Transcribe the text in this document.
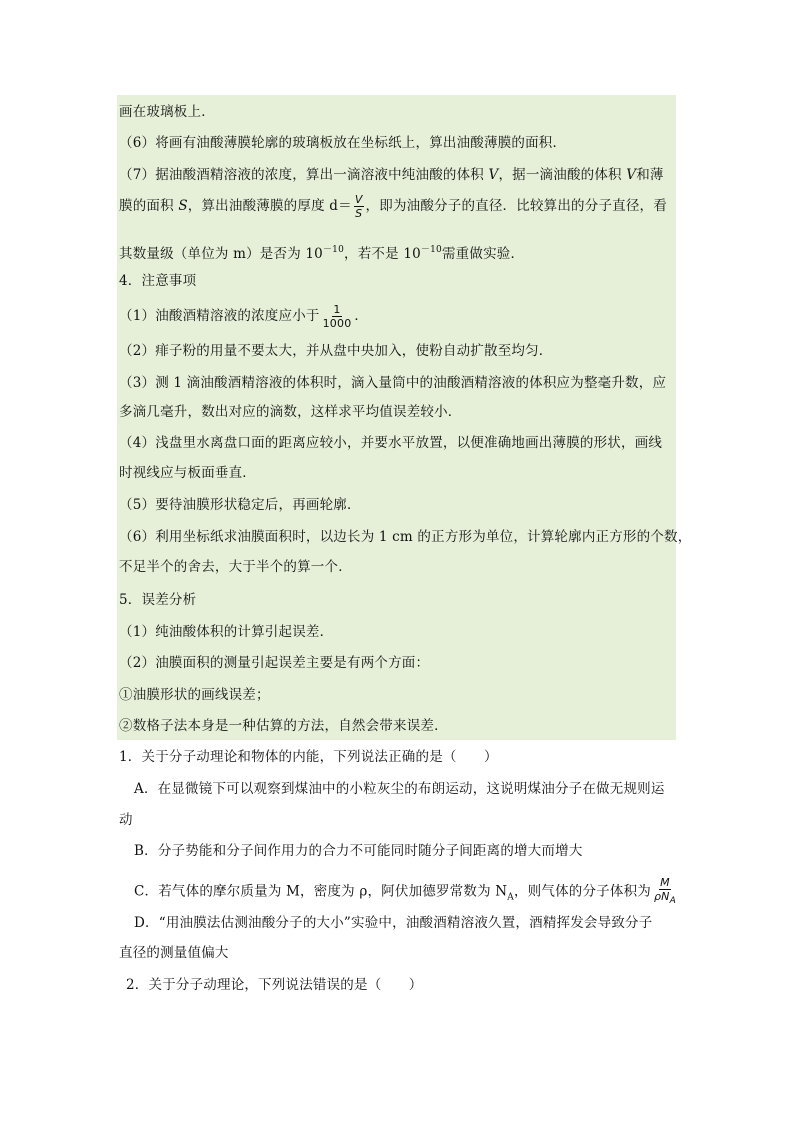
画在玻璃板上．
（6）将画有油酸薄膜轮廓的玻璃板放在坐标纸上，算出油酸薄膜的面积．
（7）据油酸酒精溶液的浓度，算出一滴溶液中纯油酸的体积 V，据一滴油酸的体积 V和薄
膜的面积 S，算出油酸薄膜的厚度 $d= \frac{V}{S}$ ，即为油酸分子的直径．比较算出的分子直径，看
其数量级（单位为 m）是否为 $10^{-10}$，若不是 $10^{-10}$需重做实验．
4．注意事项
（1）油酸酒精溶液的浓度应小于 $\frac{1}{1000}$ ．
（2）痱子粉的用量不要太大，并从盘中央加入，使粉自动扩散至均匀．
（3）测 1 滴油酸酒精溶液的体积时，滴入量筒中的油酸酒精溶液的体积应为整毫升数，应
多滴几毫升，数出对应的滴数，这样求平均值误差较小．
（4）浅盘里水离盘口面的距离应较小，并要水平放置，以便准确地画出薄膜的形状，画线
时视线应与板面垂直．
（5）要待油膜形状稳定后，再画轮廓．
（6）利用坐标纸求油膜面积时，以边长为 1 cm 的正方形为单位，计算轮廓内正方形的个数，
不足半个的舍去，大于半个的算一个．
5．误差分析
（1）纯油酸体积的计算引起误差．
（2）油膜面积的测量引起误差主要是有两个方面：
①油膜形状的画线误差；
②数格子法本身是一种估算的方法，自然会带来误差．
1．关于分子动理论和物体的内能，下列说法正确的是（　　）
A．在显微镜下可以观察到煤油中的小粒灰尘的布朗运动，这说明煤油分子在做无规则运
动
B．分子势能和分子间作用力的合力不可能同时随分子间距离的增大而增大
C．若气体的摩尔质量为 M，密度为 ρ，阿伏加德罗常数为 $N_A$，则气体的分子体积为 $\frac{M}{\rho N_A}$
D．“用油膜法估测油酸分子的大小”实验中，油酸酒精溶液久置，酒精挥发会导致分子
直径的测量值偏大
2．关于分子动理论，下列说法错误的是（　　）
